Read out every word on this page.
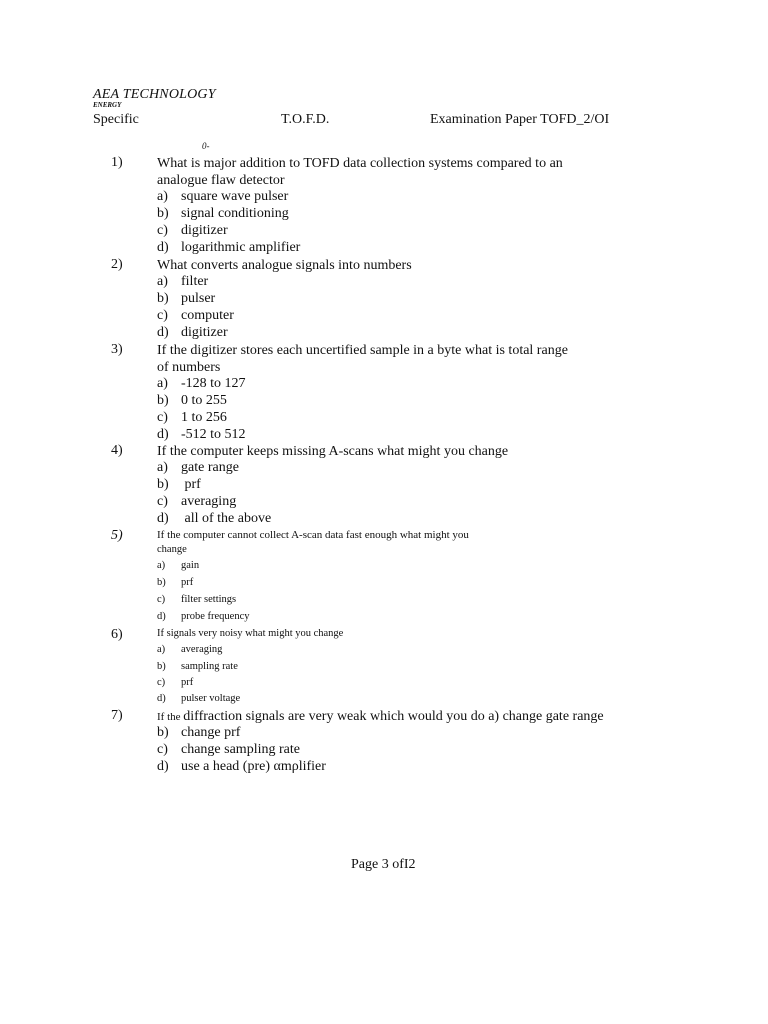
AEA TECHNOLOGY
ENERGY
Specific	T.O.F.D.	Examination Paper TOFD_2/OI
0-
1) What is major addition to TOFD data collection systems compared to an
analogue flaw detector
a) square wave pulser
b) signal conditioning
c) digitizer
d) logarithmic amplifier
2) What converts analogue signals into numbers
a) filter
b) pulser
c) computer
d) digitizer
3) If the digitizer stores each uncertified sample in a byte what is total range
of numbers
a) -128 to 127
b) 0 to 255
c) 1 to 256
d) -512 to 512
4) If the computer keeps missing A-scans what might you change
a) gate range
b) prf
c) averaging
d) all of the above
5)	If the computer cannot collect A-scan data fast enough what might you
change
a) gain
b) prf
c) filter settings
d) probe frequency
6)	If signals very noisy what might you change
a) averaging
b) sampling rate
c) prf
d) pulser voltage
7)	If the diffraction signals are very weak which would you do a) change gate range
b) change prf
c) change sampling rate
d) use a head (pre) αmρlifier
Page 3 ofI2
